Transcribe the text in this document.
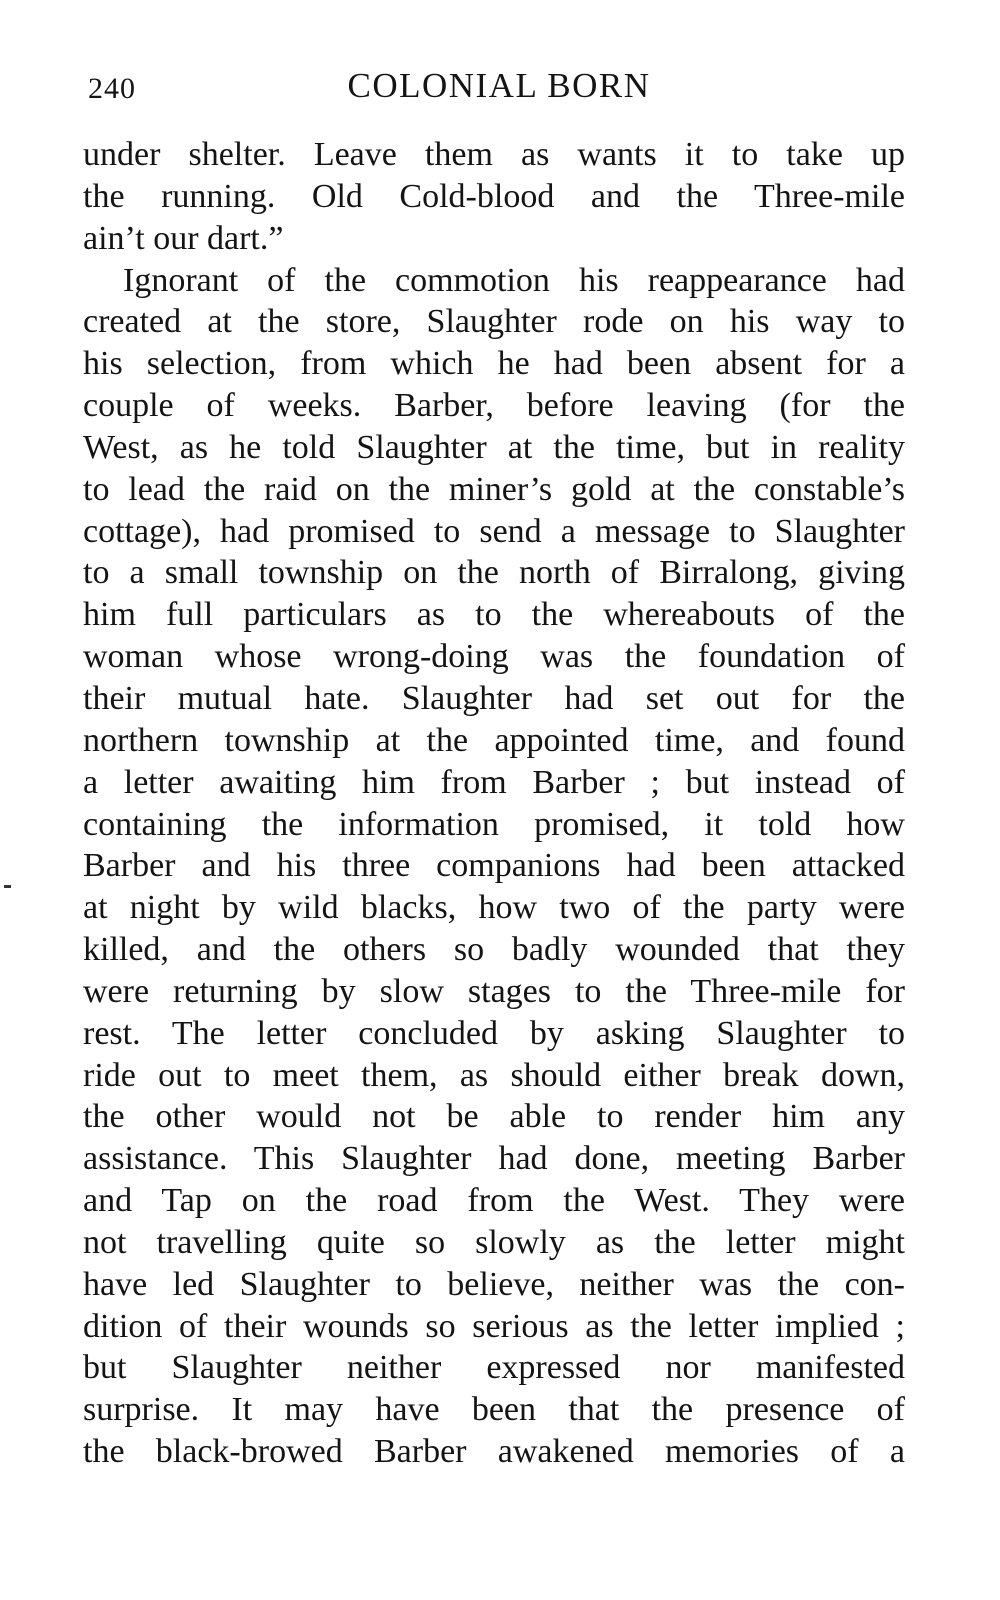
240	COLONIAL BORN
under shelter. Leave them as wants it to take up
the running. Old Cold-blood and the Three-mile
ain’t our dart.”
Ignorant of the commotion his reappearance had
created at the store, Slaughter rode on his way to
his selection, from which he had been absent for a
couple of weeks. Barber, before leaving (for the
West, as he told Slaughter at the time, but in reality
to lead the raid on the miner’s gold at the constable’s
cottage), had promised to send a message to Slaughter
to a small township on the north of Birralong, giving
him full particulars as to the whereabouts of the
woman whose wrong-doing was the foundation of
their mutual hate. Slaughter had set out for the
northern township at the appointed time, and found
a letter awaiting him from Barber ; but instead of
containing the information promised, it told how
Barber and his three companions had been attacked
at night by wild blacks, how two of the party were
killed, and the others so badly wounded that they
were returning by slow stages to the Three-mile for
rest. The letter concluded by asking Slaughter to
ride out to meet them, as should either break down,
the other would not be able to render him any
assistance. This Slaughter had done, meeting Barber
and Tap on the road from the West. They were
not travelling quite so slowly as the letter might
have led Slaughter to believe, neither was the con-
dition of their wounds so serious as the letter implied ;
but Slaughter neither expressed nor manifested
surprise. It may have been that the presence of
the black-browed Barber awakened memories of a
